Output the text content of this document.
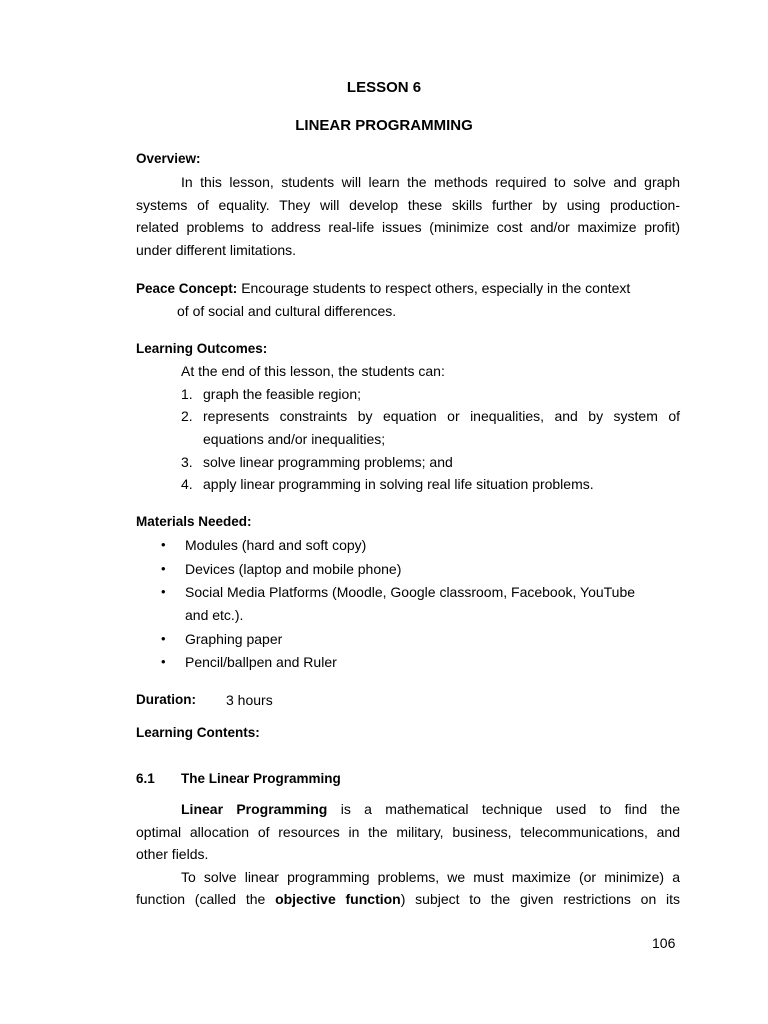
LESSON 6
LINEAR PROGRAMMING
Overview:
In this lesson, students will learn the methods required to solve and graph
systems of equality. They will develop these skills further by using production-
related problems to address real-life issues (minimize cost and/or maximize profit)
under different limitations.
Peace Concept: Encourage students to respect others, especially in the context
of of social and cultural differences.
Learning Outcomes:
At the end of this lesson, the students can:
1. graph the feasible region;
2. represents constraints by equation or inequalities, and by system of
equations and/or inequalities;
3. solve linear programming problems; and
4. apply linear programming in solving real life situation problems.
Materials Needed:
• Modules (hard and soft copy)
• Devices (laptop and mobile phone)
• Social Media Platforms (Moodle, Google classroom, Facebook, YouTube
and etc.).
• Graphing paper
• Pencil/ballpen and Ruler
Duration: 3 hours
Learning Contents:
6.1 The Linear Programming
Linear Programming is a mathematical technique used to find the
optimal allocation of resources in the military, business, telecommunications, and
other fields.
To solve linear programming problems, we must maximize (or minimize) a
function (called the objective function) subject to the given restrictions on its
106
